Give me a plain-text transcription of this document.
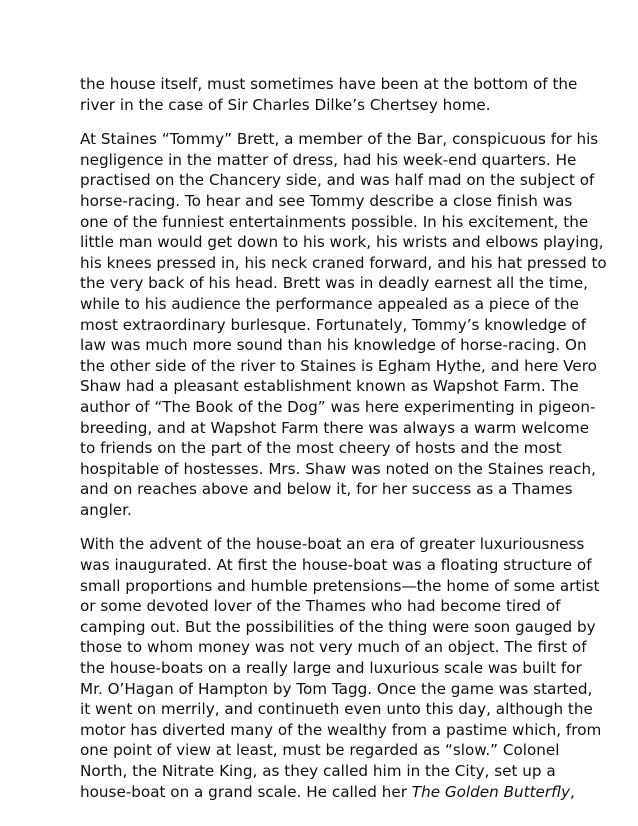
the house itself, must sometimes have been at the bottom of the
river in the case of Sir Charles Dilke’s Chertsey home.

At Staines “Tommy” Brett, a member of the Bar, conspicuous for his
negligence in the matter of dress, had his week-end quarters. He
practised on the Chancery side, and was half mad on the subject of
horse-racing. To hear and see Tommy describe a close finish was
one of the funniest entertainments possible. In his excitement, the
little man would get down to his work, his wrists and elbows playing,
his knees pressed in, his neck craned forward, and his hat pressed to
the very back of his head. Brett was in deadly earnest all the time,
while to his audience the performance appealed as a piece of the
most extraordinary burlesque. Fortunately, Tommy’s knowledge of
law was much more sound than his knowledge of horse-racing. On
the other side of the river to Staines is Egham Hythe, and here Vero
Shaw had a pleasant establishment known as Wapshot Farm. The
author of “The Book of the Dog” was here experimenting in pigeon-
breeding, and at Wapshot Farm there was always a warm welcome
to friends on the part of the most cheery of hosts and the most
hospitable of hostesses. Mrs. Shaw was noted on the Staines reach,
and on reaches above and below it, for her success as a Thames
angler.

With the advent of the house-boat an era of greater luxuriousness
was inaugurated. At first the house-boat was a floating structure of
small proportions and humble pretensions—the home of some artist
or some devoted lover of the Thames who had become tired of
camping out. But the possibilities of the thing were soon gauged by
those to whom money was not very much of an object. The first of
the house-boats on a really large and luxurious scale was built for
Mr. O’Hagan of Hampton by Tom Tagg. Once the game was started,
it went on merrily, and continueth even unto this day, although the
motor has diverted many of the wealthy from a pastime which, from
one point of view at least, must be regarded as “slow.” Colonel
North, the Nitrate King, as they called him in the City, set up a
house-boat on a grand scale. He called her The Golden Butterfly,
